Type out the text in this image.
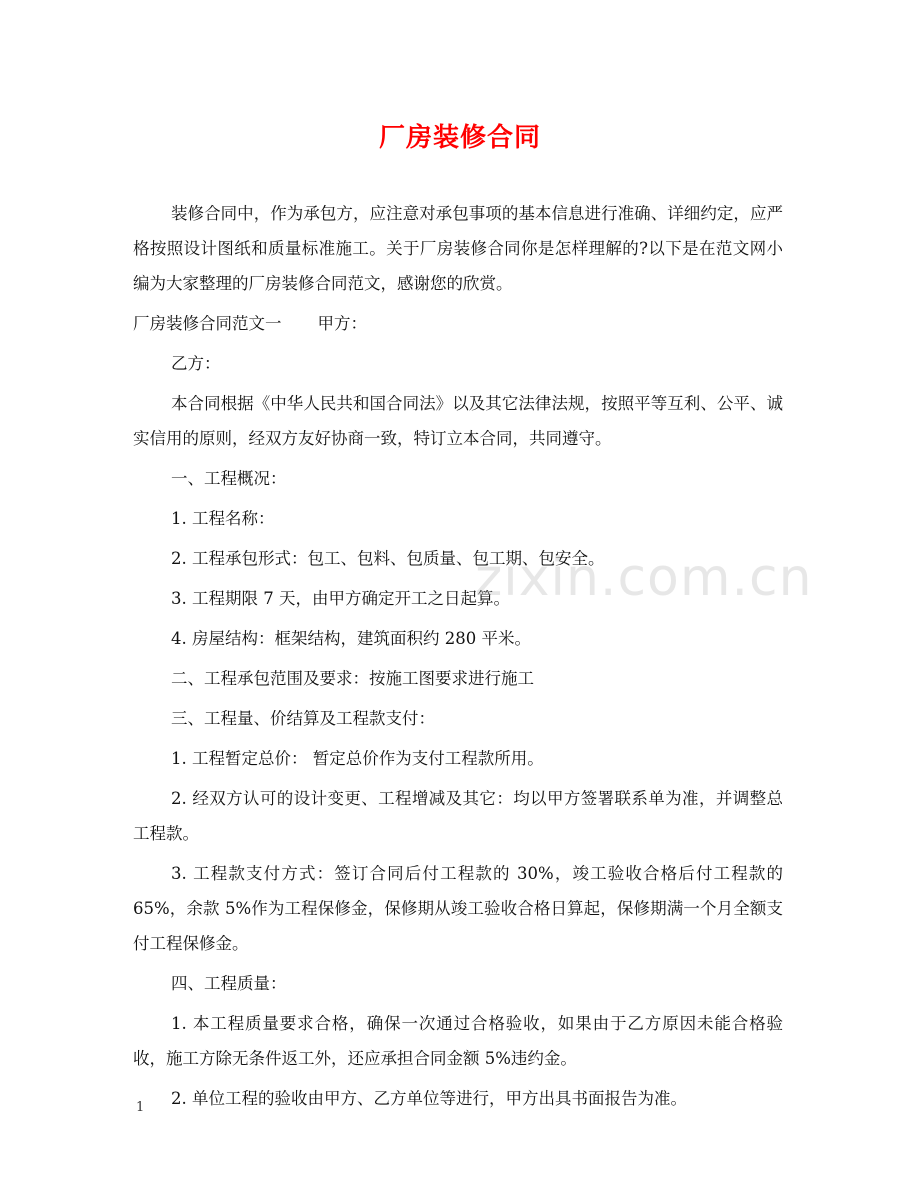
厂房装修合同

装修合同中，作为承包方，应注意对承包事项的基本信息进行准确、详细约定，应严格按照设计图纸和质量标准施工。关于厂房装修合同你是怎样理解的?以下是在范文网小编为大家整理的厂房装修合同范文，感谢您的欣赏。

厂房装修合同范文一 甲方：

乙方：

本合同根据《中华人民共和国合同法》以及其它法律法规，按照平等互利、公平、诚实信用的原则，经双方友好协商一致，特订立本合同，共同遵守。

一、工程概况：

1. 工程名称：

2. 工程承包形式：包工、包料、包质量、包工期、包安全。

3. 工程期限 7 天，由甲方确定开工之日起算。

4. 房屋结构：框架结构，建筑面积约 280 平米。

二、工程承包范围及要求：按施工图要求进行施工

三、工程量、价结算及工程款支付：

1. 工程暂定总价： 暂定总价作为支付工程款所用。

2. 经双方认可的设计变更、工程增减及其它：均以甲方签署联系单为准，并调整总工程款。

3. 工程款支付方式：签订合同后付工程款的 30%，竣工验收合格后付工程款的 65%，余款 5%作为工程保修金，保修期从竣工验收合格日算起，保修期满一个月全额支付工程保修金。

四、工程质量：

1. 本工程质量要求合格，确保一次通过合格验收，如果由于乙方原因未能合格验收，施工方除无条件返工外，还应承担合同金额 5%违约金。

2. 单位工程的验收由甲方、乙方单位等进行，甲方出具书面报告为准。

zixin.com.cn
1
